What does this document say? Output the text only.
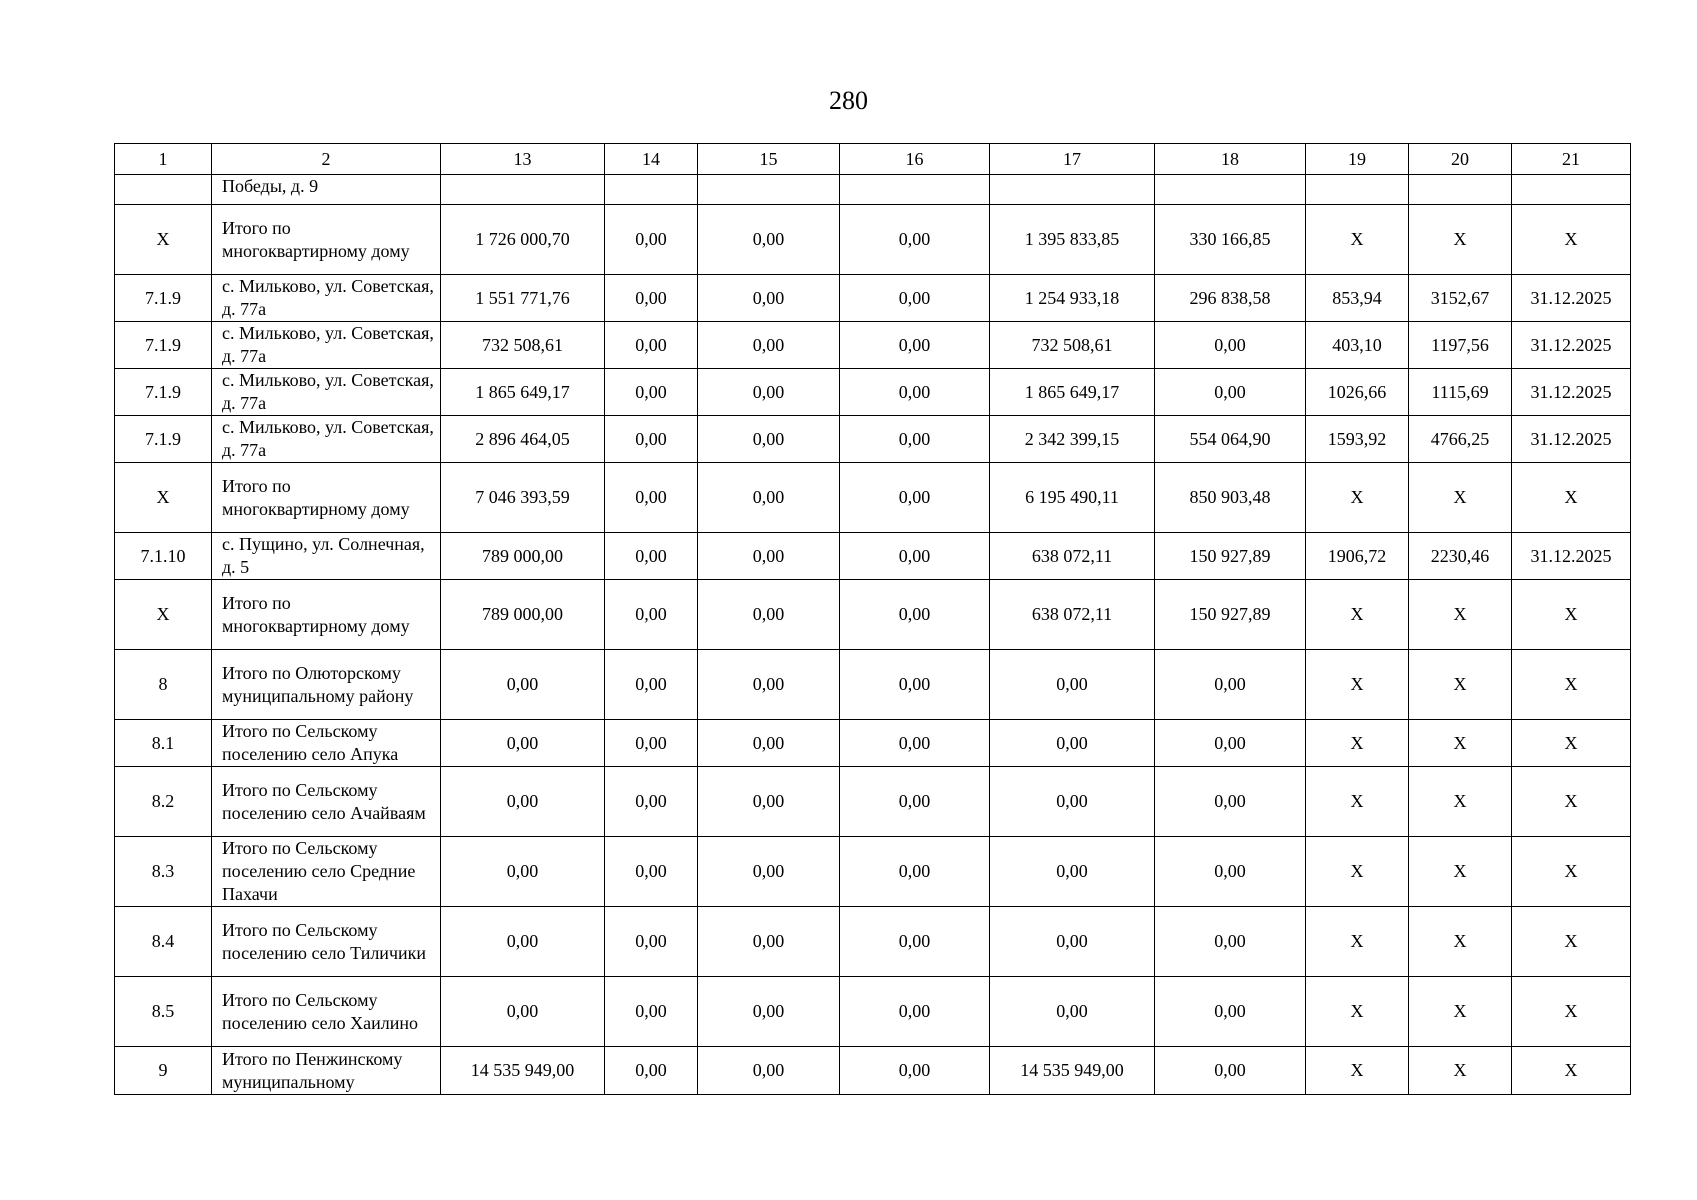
280
1	2	13	14	15	16	17	18	19	20	21
	Победы, д. 9									
X	Итого по многоквартирному дому	1 726 000,70	0,00	0,00	0,00	1 395 833,85	330 166,85	X	X	X
7.1.9	с. Мильково, ул. Советская, д. 77а	1 551 771,76	0,00	0,00	0,00	1 254 933,18	296 838,58	853,94	3152,67	31.12.2025
7.1.9	с. Мильково, ул. Советская, д. 77а	732 508,61	0,00	0,00	0,00	732 508,61	0,00	403,10	1197,56	31.12.2025
7.1.9	с. Мильково, ул. Советская, д. 77а	1 865 649,17	0,00	0,00	0,00	1 865 649,17	0,00	1026,66	1115,69	31.12.2025
7.1.9	с. Мильково, ул. Советская, д. 77а	2 896 464,05	0,00	0,00	0,00	2 342 399,15	554 064,90	1593,92	4766,25	31.12.2025
X	Итого по многоквартирному дому	7 046 393,59	0,00	0,00	0,00	6 195 490,11	850 903,48	X	X	X
7.1.10	с. Пущино, ул. Солнечная, д. 5	789 000,00	0,00	0,00	0,00	638 072,11	150 927,89	1906,72	2230,46	31.12.2025
X	Итого по многоквартирному дому	789 000,00	0,00	0,00	0,00	638 072,11	150 927,89	X	X	X
8	Итого по Олюторскому муниципальному району	0,00	0,00	0,00	0,00	0,00	0,00	X	X	X
8.1	Итого по Сельскому поселению село Апука	0,00	0,00	0,00	0,00	0,00	0,00	X	X	X
8.2	Итого по Сельскому поселению село Ачайваям	0,00	0,00	0,00	0,00	0,00	0,00	X	X	X
8.3	Итого по Сельскому поселению село Средние Пахачи	0,00	0,00	0,00	0,00	0,00	0,00	X	X	X
8.4	Итого по Сельскому поселению село Тиличики	0,00	0,00	0,00	0,00	0,00	0,00	X	X	X
8.5	Итого по Сельскому поселению село Хаилино	0,00	0,00	0,00	0,00	0,00	0,00	X	X	X
9	Итого по Пенжинскому муниципальному	14 535 949,00	0,00	0,00	0,00	14 535 949,00	0,00	X	X	X
